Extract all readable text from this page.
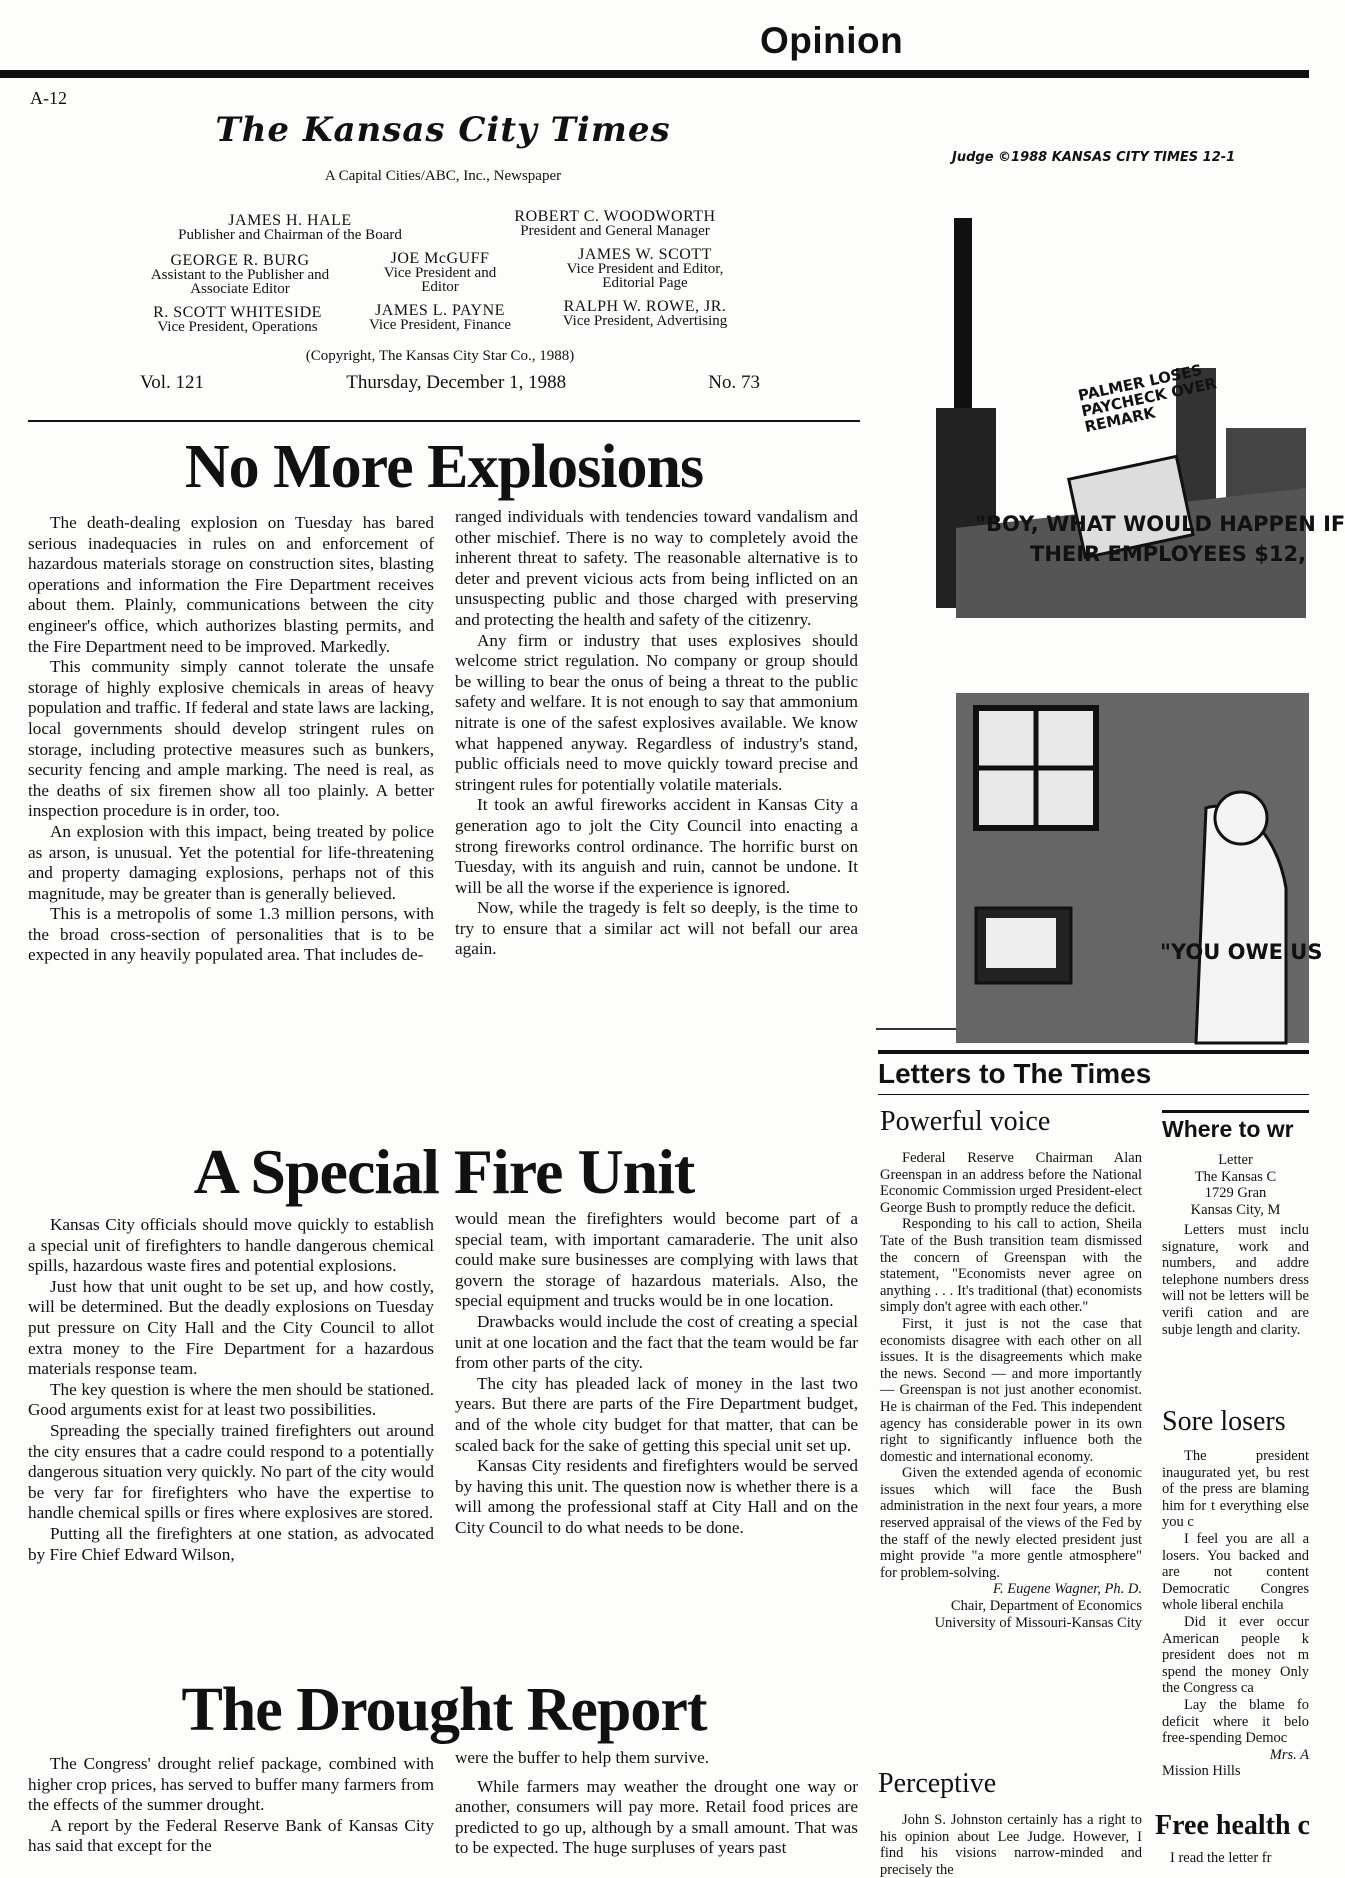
Opinion
A-12
The Kansas City Times
A Capital Cities/ABC, Inc., Newspaper
JAMES H. HALE
Publisher and Chairman of the Board
ROBERT C. WOODWORTH
President and General Manager
GEORGE R. BURG
Assistant to the Publisher and Associate Editor
JOE McGUFF
Vice President and Editor
JAMES W. SCOTT
Vice President and Editor, Editorial Page
R. SCOTT WHITESIDE
Vice President, Operations
JAMES L. PAYNE
Vice President, Finance
RALPH W. ROWE, JR.
Vice President, Advertising
(Copyright, The Kansas City Star Co., 1988)
Vol. 121	Thursday, December 1, 1988	No. 73
Judge ©1988 KANSAS CITY TIMES 12-1
PALMER LOSES PAYCHECK OVER REMARK
"BOY, WHAT WOULD HAPPEN IF
THEIR EMPLOYEES $12,
"YOU OWE US
No More Explosions

The death-dealing explosion on Tuesday has bared serious inadequacies in rules on and enforcement of hazardous materials storage on construction sites, blasting operations and information the Fire Department receives about them. Plainly, communications between the city engineer's office, which authorizes blasting permits, and the Fire Department need to be improved. Markedly.

This community simply cannot tolerate the unsafe storage of highly explosive chemicals in areas of heavy population and traffic. If federal and state laws are lacking, local governments should develop stringent rules on storage, including protective measures such as bunkers, security fencing and ample marking. The need is real, as the deaths of six firemen show all too plainly. A better inspection procedure is in order, too.

An explosion with this impact, being treated by police as arson, is unusual. Yet the potential for life-threatening and property damaging explosions, perhaps not of this magnitude, may be greater than is generally believed.

This is a metropolis of some 1.3 million persons, with the broad cross-section of personalities that is to be expected in any heavily populated area. That includes de-

ranged individuals with tendencies toward vandalism and other mischief. There is no way to completely avoid the inherent threat to safety. The reasonable alternative is to deter and prevent vicious acts from being inflicted on an unsuspecting public and those charged with preserving and protecting the health and safety of the citizenry.

Any firm or industry that uses explosives should welcome strict regulation. No company or group should be willing to bear the onus of being a threat to the public safety and welfare. It is not enough to say that ammonium nitrate is one of the safest explosives available. We know what happened anyway. Regardless of industry's stand, public officials need to move quickly toward precise and stringent rules for potentially volatile materials.

It took an awful fireworks accident in Kansas City a generation ago to jolt the City Council into enacting a strong fireworks control ordinance. The horrific burst on Tuesday, with its anguish and ruin, cannot be undone. It will be all the worse if the experience is ignored.

Now, while the tragedy is felt so deeply, is the time to try to ensure that a similar act will not befall our area again.

A Special Fire Unit

Kansas City officials should move quickly to establish a special unit of firefighters to handle dangerous chemical spills, hazardous waste fires and potential explosions.

Just how that unit ought to be set up, and how costly, will be determined. But the deadly explosions on Tuesday put pressure on City Hall and the City Council to allot extra money to the Fire Department for a hazardous materials response team.

The key question is where the men should be stationed. Good arguments exist for at least two possibilities.

Spreading the specially trained firefighters out around the city ensures that a cadre could respond to a potentially dangerous situation very quickly. No part of the city would be very far for firefighters who have the expertise to handle chemical spills or fires where explosives are stored.

Putting all the firefighters at one station, as advocated by Fire Chief Edward Wilson,

would mean the firefighters would become part of a special team, with important camaraderie. The unit also could make sure businesses are complying with laws that govern the storage of hazardous materials. Also, the special equipment and trucks would be in one location.

Drawbacks would include the cost of creating a special unit at one location and the fact that the team would be far from other parts of the city.

The city has pleaded lack of money in the last two years. But there are parts of the Fire Department budget, and of the whole city budget for that matter, that can be scaled back for the sake of getting this special unit set up.

Kansas City residents and firefighters would be served by having this unit. The question now is whether there is a will among the professional staff at City Hall and on the City Council to do what needs to be done.

The Drought Report

The Congress' drought relief package, combined with higher crop prices, has served to buffer many farmers from the effects of the summer drought.

A report by the Federal Reserve Bank of Kansas City has said that except for the

were the buffer to help them survive.

While farmers may weather the drought one way or another, consumers will pay more. Retail food prices are predicted to go up, although by a small amount. That was to be expected. The huge surpluses of years past

Letters to The Times
Powerful voice

Federal Reserve Chairman Alan Greenspan in an address before the National Economic Commission urged President-elect George Bush to promptly reduce the deficit.

Responding to his call to action, Sheila Tate of the Bush transition team dismissed the concern of Greenspan with the statement, "Economists never agree on anything . . . It's traditional (that) economists simply don't agree with each other."

First, it just is not the case that economists disagree with each other on all issues. It is the disagreements which make the news. Second — and more importantly — Greenspan is not just another economist. He is chairman of the Fed. This independent agency has considerable power in its own right to significantly influence both the domestic and international economy.

Given the extended agenda of economic issues which will face the Bush administration in the next four years, a more reserved appraisal of the views of the Fed by the staff of the newly elected president just might provide "a more gentle atmosphere" for problem-solving.

F. Eugene Wagner, Ph. D.
Chair, Department of Economics
University of Missouri-Kansas City
Perceptive

John S. Johnston certainly has a right to his opinion about Lee Judge. However, I find his visions narrow-minded and precisely the

Where to wr
Letter
The Kansas C
1729 Gran
Kansas City, M

Letters must inclu signature, work and numbers, and addre telephone numbers dress will not be letters will be verifi cation and are subje length and clarity.

Sore losers

The president inaugurated yet, bu rest of the press are blaming him for t everything else you c

I feel you are all a losers. You backed and are not content Democratic Congres whole liberal enchila

Did it ever occur American people k president does not m spend the money Only the Congress ca

Lay the blame fo deficit where it belo free-spending Democ

Mrs. A
Mission Hills
Free health c
I read the letter fr
